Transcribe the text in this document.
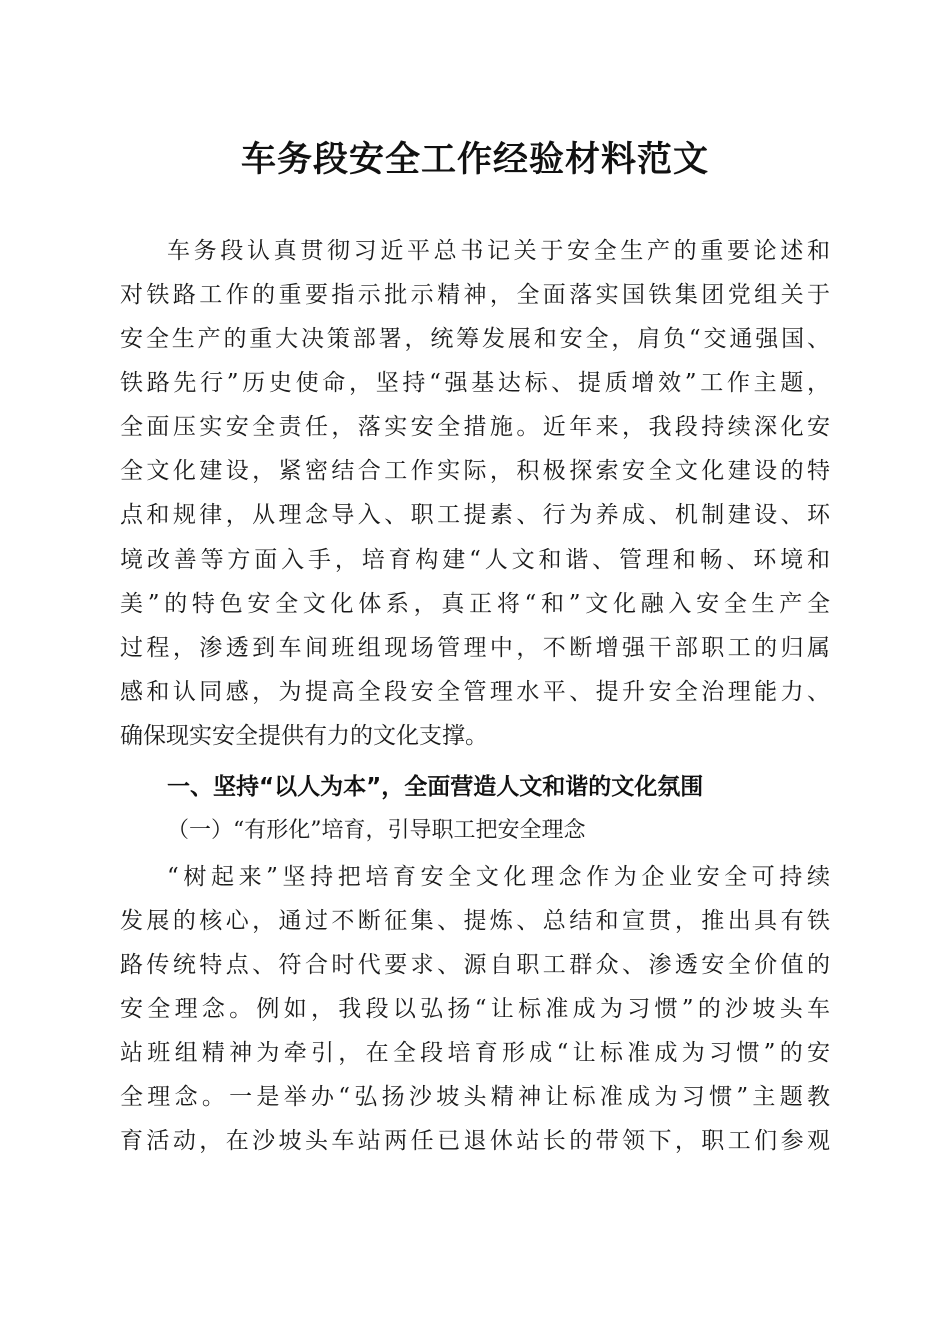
车务段安全工作经验材料范文
车务段认真贯彻习近平总书记关于安全生产的重要论述和
对铁路工作的重要指示批示精神，全面落实国铁集团党组关于
安全生产的重大决策部署，统筹发展和安全，肩负“交通强国、
铁路先行”历史使命，坚持“强基达标、提质增效”工作主题，
全面压实安全责任，落实安全措施。近年来，我段持续深化安
全文化建设，紧密结合工作实际，积极探索安全文化建设的特
点和规律，从理念导入、职工提素、行为养成、机制建设、环
境改善等方面入手，培育构建“人文和谐、管理和畅、环境和
美”的特色安全文化体系，真正将“和”文化融入安全生产全
过程，渗透到车间班组现场管理中，不断增强干部职工的归属
感和认同感，为提高全段安全管理水平、提升安全治理能力、
确保现实安全提供有力的文化支撑。
一、坚持“以人为本”，全面营造人文和谐的文化氛围
（一）“有形化”培育，引导职工把安全理念
“树起来”坚持把培育安全文化理念作为企业安全可持续
发展的核心，通过不断征集、提炼、总结和宣贯，推出具有铁
路传统特点、符合时代要求、源自职工群众、渗透安全价值的
安全理念。例如，我段以弘扬“让标准成为习惯”的沙坡头车
站班组精神为牵引，在全段培育形成“让标准成为习惯”的安
全理念。一是举办“弘扬沙坡头精神让标准成为习惯”主题教
育活动，在沙坡头车站两任已退休站长的带领下，职工们参观
